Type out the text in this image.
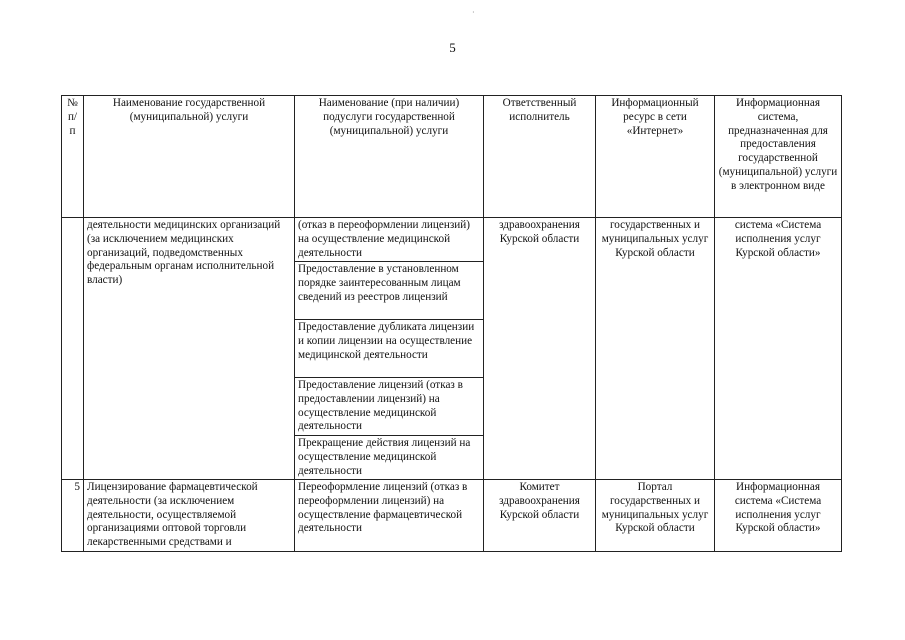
·
5
№ п/п	Наименование государственной (муниципальной) услуги	Наименование (при наличии) подуслуги государственной (муниципальной) услуги	Ответственный исполнитель	Информационный ресурс в сети «Интернет»	Информационная система, предназначенная для предоставления государственной (муниципальной) услуги в электронном виде
	деятельности медицинских организаций (за исключением медицинских организаций, подведомственных федеральным органам исполнительной власти)	(отказ в переоформлении лицензий) на осуществление медицинской деятельности	здравоохранения Курской области	государственных и муниципальных услуг Курской области	система «Система исполнения услуг Курской области»
		Предоставление в установленном порядке заинтересованным лицам сведений из реестров лицензий			
		Предоставление дубликата лицензии и копии лицензии на осуществление медицинской деятельности			
		Предоставление лицензий (отказ в предоставлении лицензий) на осуществление медицинской деятельности			
		Прекращение действия лицензий на осуществление медицинской деятельности			
5	Лицензирование фармацевтической деятельности (за исключением деятельности, осуществляемой организациями оптовой торговли лекарственными средствами и	Переоформление лицензий (отказ в переоформлении лицензий) на осуществление фармацевтической деятельности	Комитет здравоохранения Курской области	Портал государственных и муниципальных услуг Курской области	Информационная система «Система исполнения услуг Курской области»
